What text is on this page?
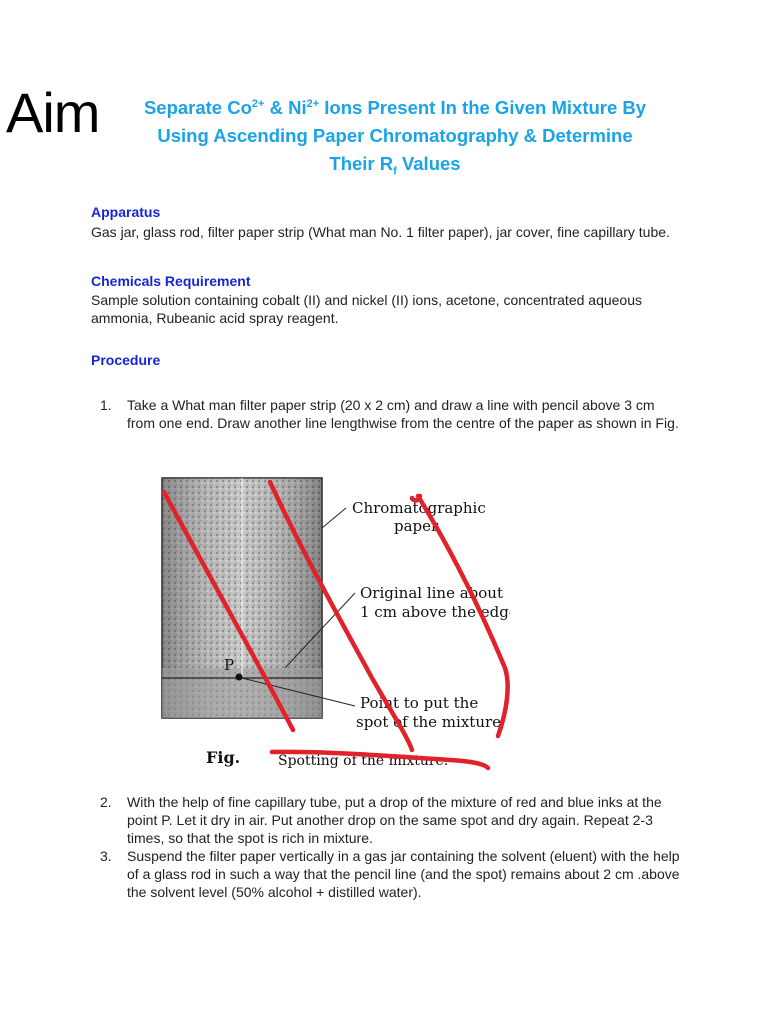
Aim	Separate $Co^{2+}$ & $Ni^{2+}$ Ions Present In the Given Mixture By
Using Ascending Paper Chromatography & Determine
Their $R_f$ Values
Apparatus
Gas jar, glass rod, filter paper strip (What man No. 1 filter paper), jar cover, fine capillary tube.
Chemicals Requirement
Sample solution containing cobalt (II) and nickel (II) ions, acetone, concentrated aqueous ammonia, Rubeanic acid spray reagent.
Procedure
1.	Take a What man filter paper strip (20 x 2 cm) and draw a line with pencil above 3 cm from one end. Draw another line lengthwise from the centre of the paper as shown in Fig.
P
Chromatographic
paper
Original line about
1 cm above the edge
Point to put the
spot of the mixture
Fig.	Spotting of the mixture.
2.	With the help of fine capillary tube, put a drop of the mixture of red and blue inks at the point P. Let it dry in air. Put another drop on the same spot and dry again. Repeat 2-3 times, so that the spot is rich in mixture.
3.	Suspend the filter paper vertically in a gas jar containing the solvent (eluent) with the help of a glass rod in such a way that the pencil line (and the spot) remains about 2 cm .above the solvent level (50% alcohol + distilled water).
